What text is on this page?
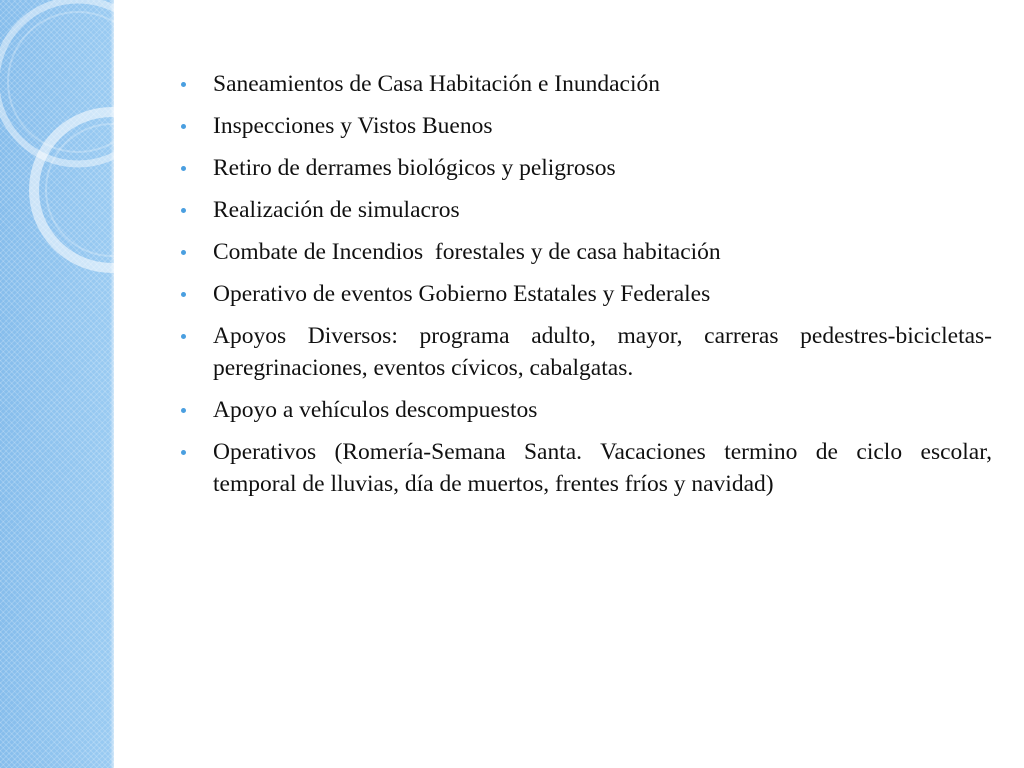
Saneamientos de Casa Habitación e Inundación
Inspecciones y Vistos Buenos
Retiro de derrames biológicos y peligrosos
Realización de simulacros
Combate de Incendios  forestales y de casa habitación
Operativo de eventos Gobierno Estatales y Federales
Apoyos Diversos: programa adulto, mayor, carreras pedestres-bicicletas-peregrinaciones, eventos cívicos, cabalgatas.
Apoyo a vehículos descompuestos
Operativos (Romería-Semana Santa. Vacaciones termino de ciclo escolar, temporal de lluvias, día de muertos, frentes fríos y navidad)
